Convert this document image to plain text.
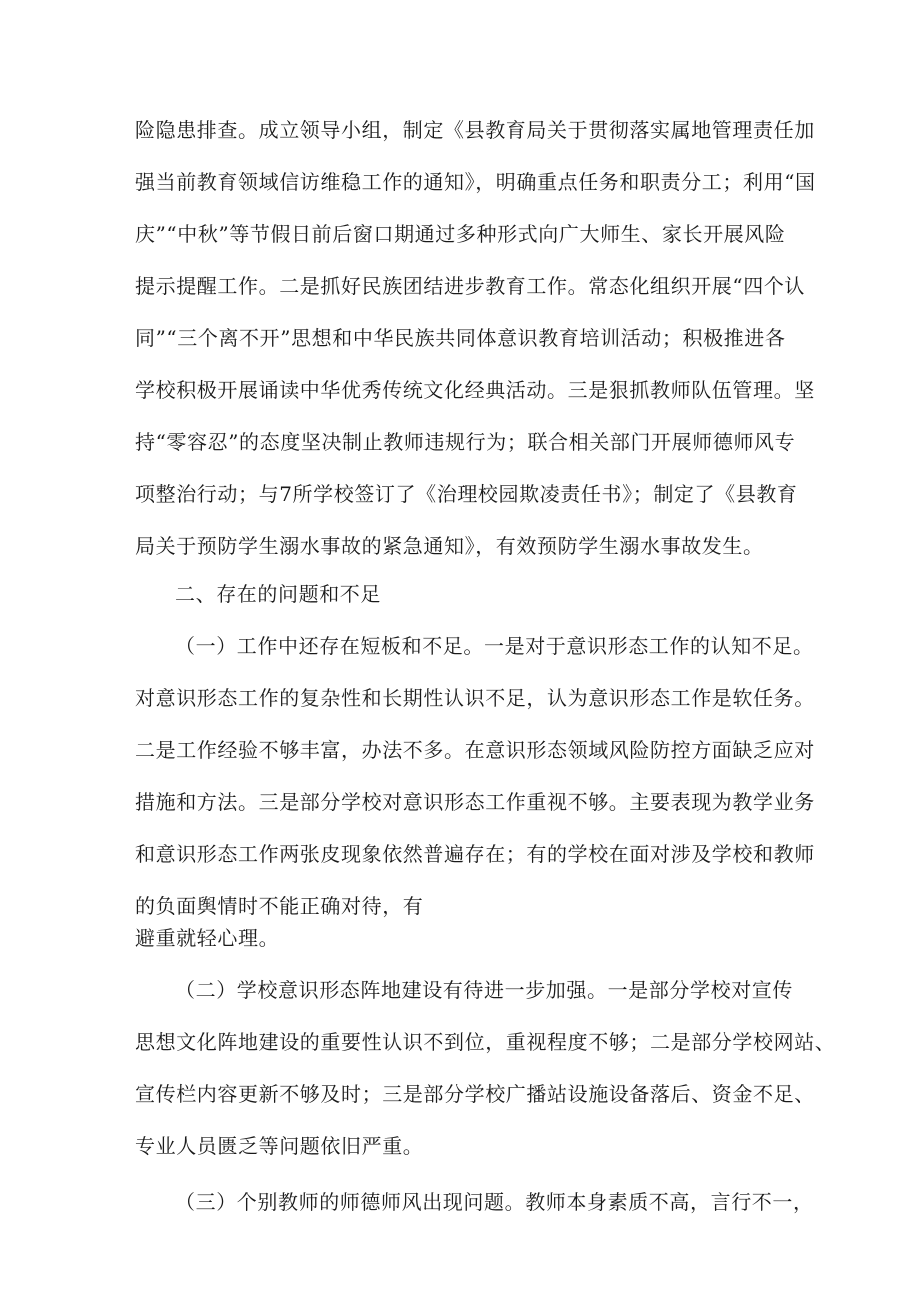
险隐患排查。成立领导小组，制定《县教育局关于贯彻落实属地管理责任加
强当前教育领域信访维稳工作的通知》，明确重点任务和职责分工；利用“国
庆”“中秋”等节假日前后窗口期通过多种形式向广大师生、家长开展风险
提示提醒工作。二是抓好民族团结进步教育工作。常态化组织开展“四个认
同”“三个离不开”思想和中华民族共同体意识教育培训活动；积极推进各
学校积极开展诵读中华优秀传统文化经典活动。三是狠抓教师队伍管理。坚
持“零容忍”的态度坚决制止教师违规行为；联合相关部门开展师德师风专
项整治行动；与7所学校签订了《治理校园欺凌责任书》；制定了《县教育
局关于预防学生溺水事故的紧急通知》，有效预防学生溺水事故发生。
二、存在的问题和不足
（一）工作中还存在短板和不足。一是对于意识形态工作的认知不足。
对意识形态工作的复杂性和长期性认识不足，认为意识形态工作是软任务。
二是工作经验不够丰富，办法不多。在意识形态领域风险防控方面缺乏应对
措施和方法。三是部分学校对意识形态工作重视不够。主要表现为教学业务
和意识形态工作两张皮现象依然普遍存在；有的学校在面对涉及学校和教师
的负面舆情时不能正确对待，有
避重就轻心理。
（二）学校意识形态阵地建设有待进一步加强。一是部分学校对宣传
思想文化阵地建设的重要性认识不到位，重视程度不够；二是部分学校网站、
宣传栏内容更新不够及时；三是部分学校广播站设施设备落后、资金不足、
专业人员匮乏等问题依旧严重。
（三）个别教师的师德师风出现问题。教师本身素质不高，言行不一，
